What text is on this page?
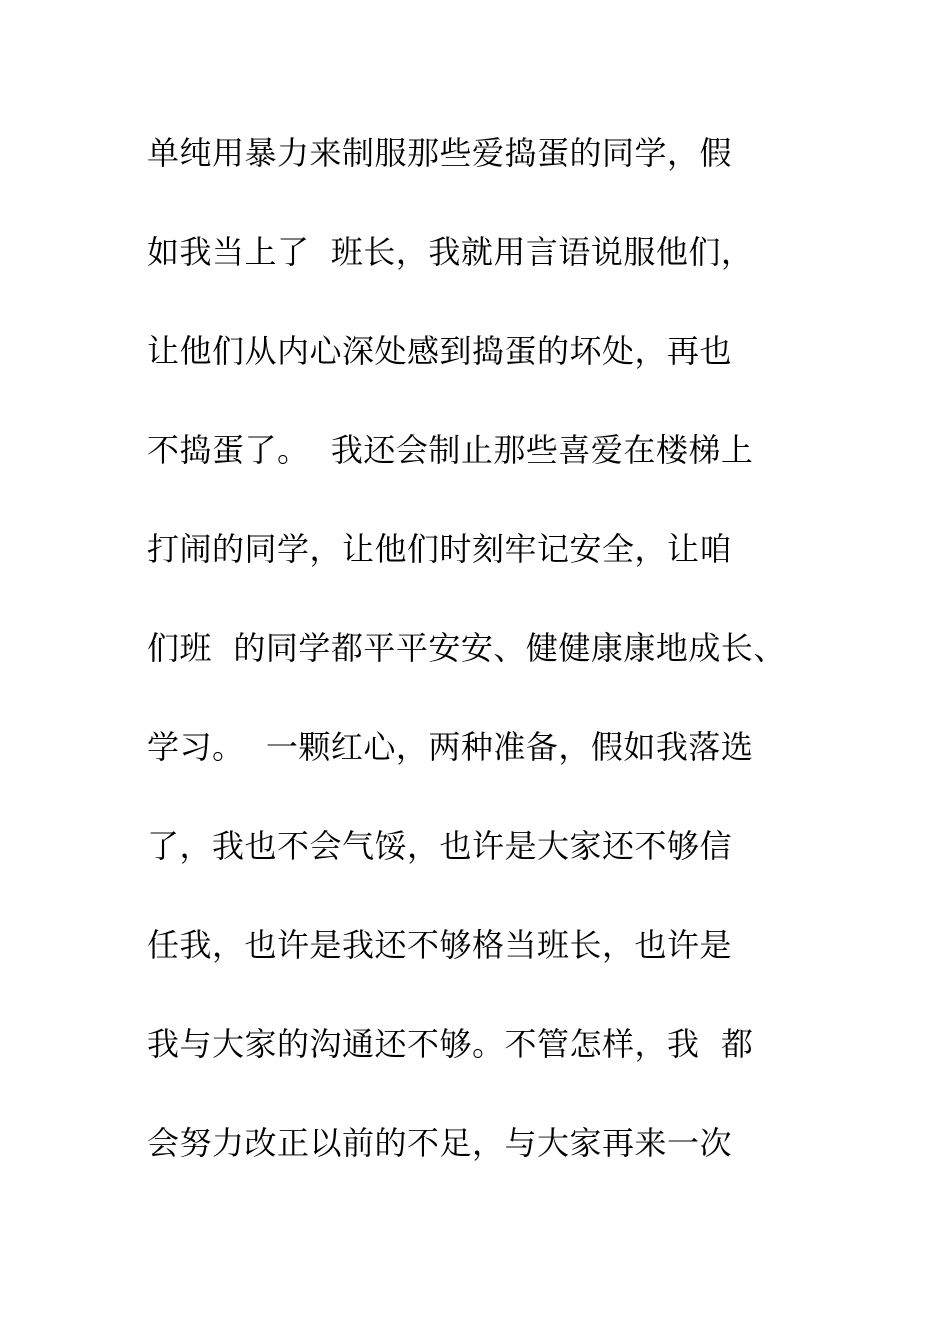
单纯用暴力来制服那些爱捣蛋的同学，假

如我当上了  班长，我就用言语说服他们，

让他们从内心深处感到捣蛋的坏处，再也

不捣蛋了。  我还会制止那些喜爱在楼梯上

打闹的同学，让他们时刻牢记安全，让咱

们班  的同学都平平安安、健健康康地成长、

学习。  一颗红心，两种准备，假如我落选

了，我也不会气馁，也许是大家还不够信

任我，也许是我还不够格当班长，也许是

我与大家的沟通还不够。不管怎样，我  都

会努力改正以前的不足，与大家再来一次
